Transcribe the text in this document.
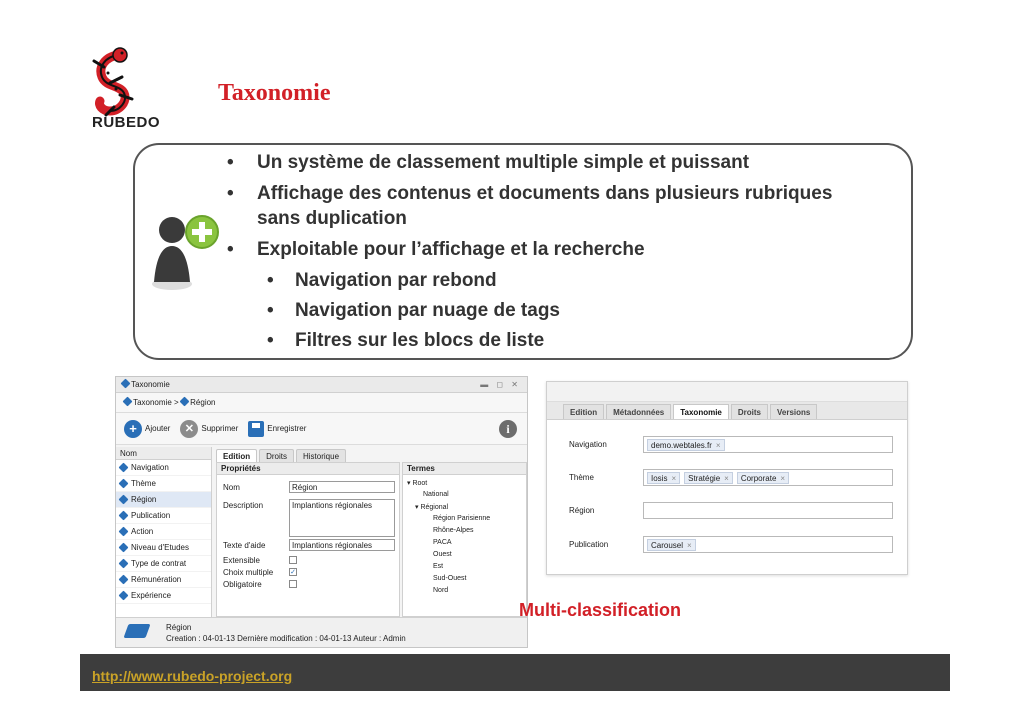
RUBEDO
Taxonomie
• Un système de classement multiple simple et puissant
• Affichage des contenus et documents dans plusieurs rubriques sans duplication
• Exploitable pour l’affichage et la recherche
• Navigation par rebond
• Navigation par nuage de tags
• Filtres sur les blocs de liste
Taxonomie	▬ ◻ ✕
Taxonomie > Région
+	Ajouter	✕ Supprimer	Enregistrer	i
Nom
Navigation
Thème
Région
Publication
Action
Niveau d'Etudes
Type de contrat
Rémunération
Expérience
Edition	Droits	Historique
Propriétés
Nom	Région
Description	Implantions régionales
Texte d'aide	Implantions régionales
Extensible
Choix multiple ✓
Obligatoire
Termes
▾ Root
National
▾ Régional
Région Parisienne
Rhône-Alpes
PACA
Ouest
Est
Sud-Ouest
Nord
Région
Creation : 04-01-13 Dernière modification : 04-01-13 Auteur : Admin
Edition	Métadonnées	Taxonomie	Droits	Versions
Navigation	demo.webtales.fr ×
Thème	Iosis ×	Stratégie ×	Corporate ×
Région
Publication	Carousel ×
Multi-classification
http://www.rubedo-project.org
